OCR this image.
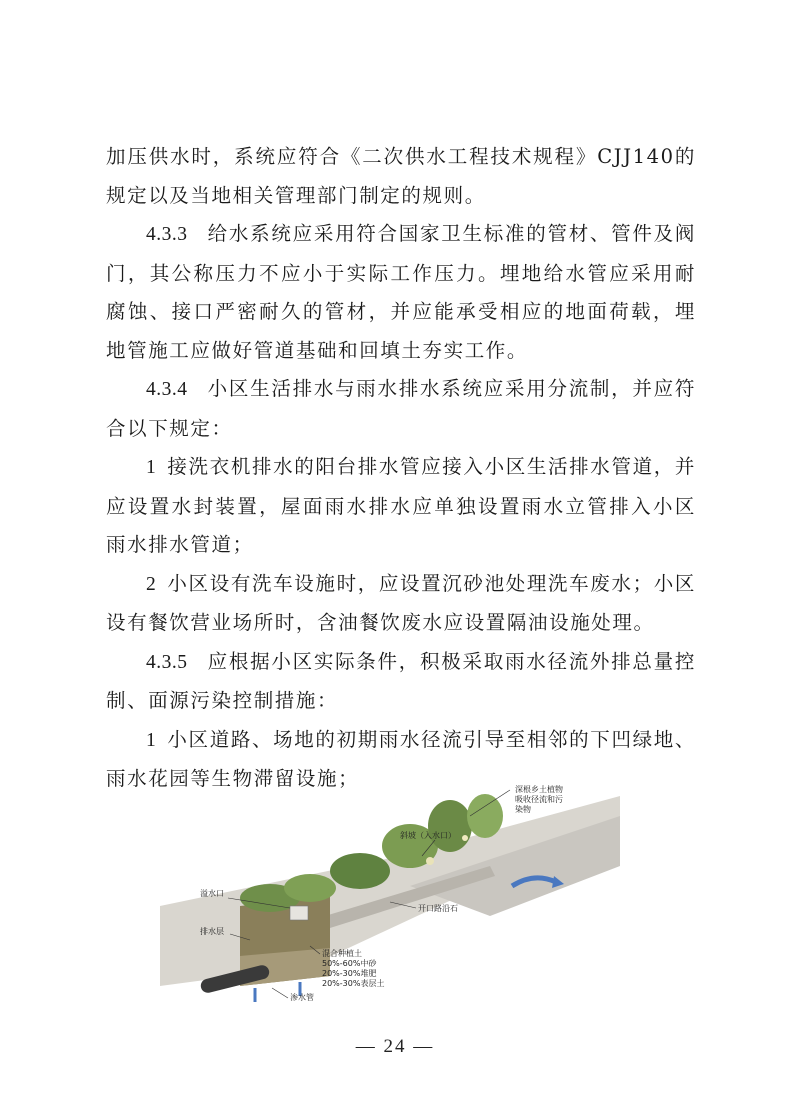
加压供水时，系统应符合《二次供水工程技术规程》CJJ140的规定以及当地相关管理部门制定的规则。

4.3.3 给水系统应采用符合国家卫生标准的管材、管件及阀门，其公称压力不应小于实际工作压力。埋地给水管应采用耐腐蚀、接口严密耐久的管材，并应能承受相应的地面荷载，埋地管施工应做好管道基础和回填土夯实工作。

4.3.4 小区生活排水与雨水排水系统应采用分流制，并应符合以下规定：

1 接洗衣机排水的阳台排水管应接入小区生活排水管道，并应设置水封装置，屋面雨水排水应单独设置雨水立管排入小区雨水排水管道；

2 小区设有洗车设施时，应设置沉砂池处理洗车废水；小区设有餐饮营业场所时，含油餐饮废水应设置隔油设施处理。

4.3.5 应根据小区实际条件，积极采取雨水径流外排总量控制、面源污染控制措施：

1 小区道路、场地的初期雨水径流引导至相邻的下凹绿地、雨水花园等生物滞留设施；	深根乡土植物
吸收径流和污
染物
斜坡（入水口）
溢水口
开口路沿石
排水层
混合种植土
50%-60%中砂
20%-30%堆肥
20%-30%表层土
渗水管
— 24 —
